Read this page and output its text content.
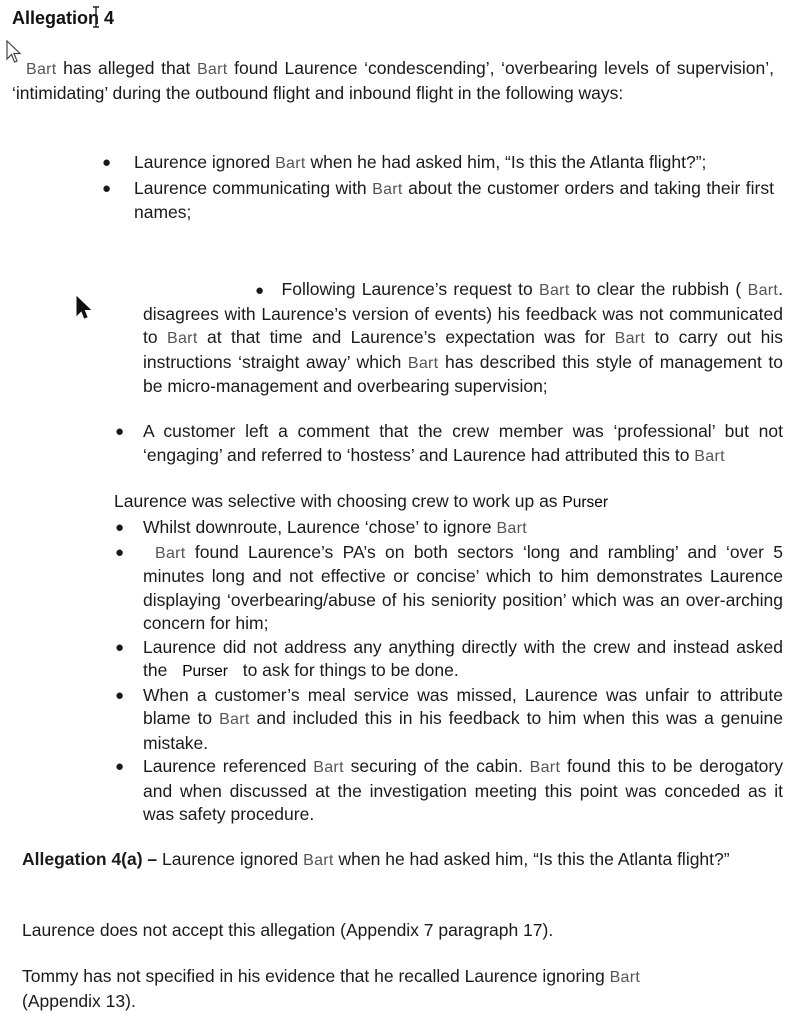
Allegation 4

Bart has alleged that Bart found Laurence ‘condescending’, ‘overbearing levels of supervision’, ‘intimidating’ during the outbound flight and inbound flight in the following ways:

● Laurence ignored Bart when he had asked him, “Is this the Atlanta flight?”;
● Laurence communicating with Bart about the customer orders and taking their first names;

● Following Laurence’s request to Bart to clear the rubbish ( Bart. disagrees with Laurence’s version of events) his feedback was not communicated to Bart at that time and Laurence’s expectation was for Bart to carry out his instructions ‘straight away’ which Bart has described this style of management to be micro-management and overbearing supervision;

● A customer left a comment that the crew member was ‘professional’ but not ‘engaging’ and referred to ‘hostess’ and Laurence had attributed this to Bart

Laurence was selective with choosing crew to work up as Purser

● Whilst downroute, Laurence ‘chose’ to ignore Bart
● Bart found Laurence’s PA’s on both sectors ‘long and rambling’ and ‘over 5 minutes long and not effective or concise’ which to him demonstrates Laurence displaying ‘overbearing/abuse of his seniority position’ which was an over-arching concern for him;
● Laurence did not address any anything directly with the crew and instead asked the Purser to ask for things to be done.
● When a customer’s meal service was missed, Laurence was unfair to attribute blame to Bart and included this in his feedback to him when this was a genuine mistake.
● Laurence referenced Bart securing of the cabin. Bart found this to be derogatory and when discussed at the investigation meeting this point was conceded as it was safety procedure.

Allegation 4(a) – Laurence ignored Bart when he had asked him, “Is this the Atlanta flight?”

Laurence does not accept this allegation (Appendix 7 paragraph 17).

Tommy has not specified in his evidence that he recalled Laurence ignoring Bart
(Appendix 13).
